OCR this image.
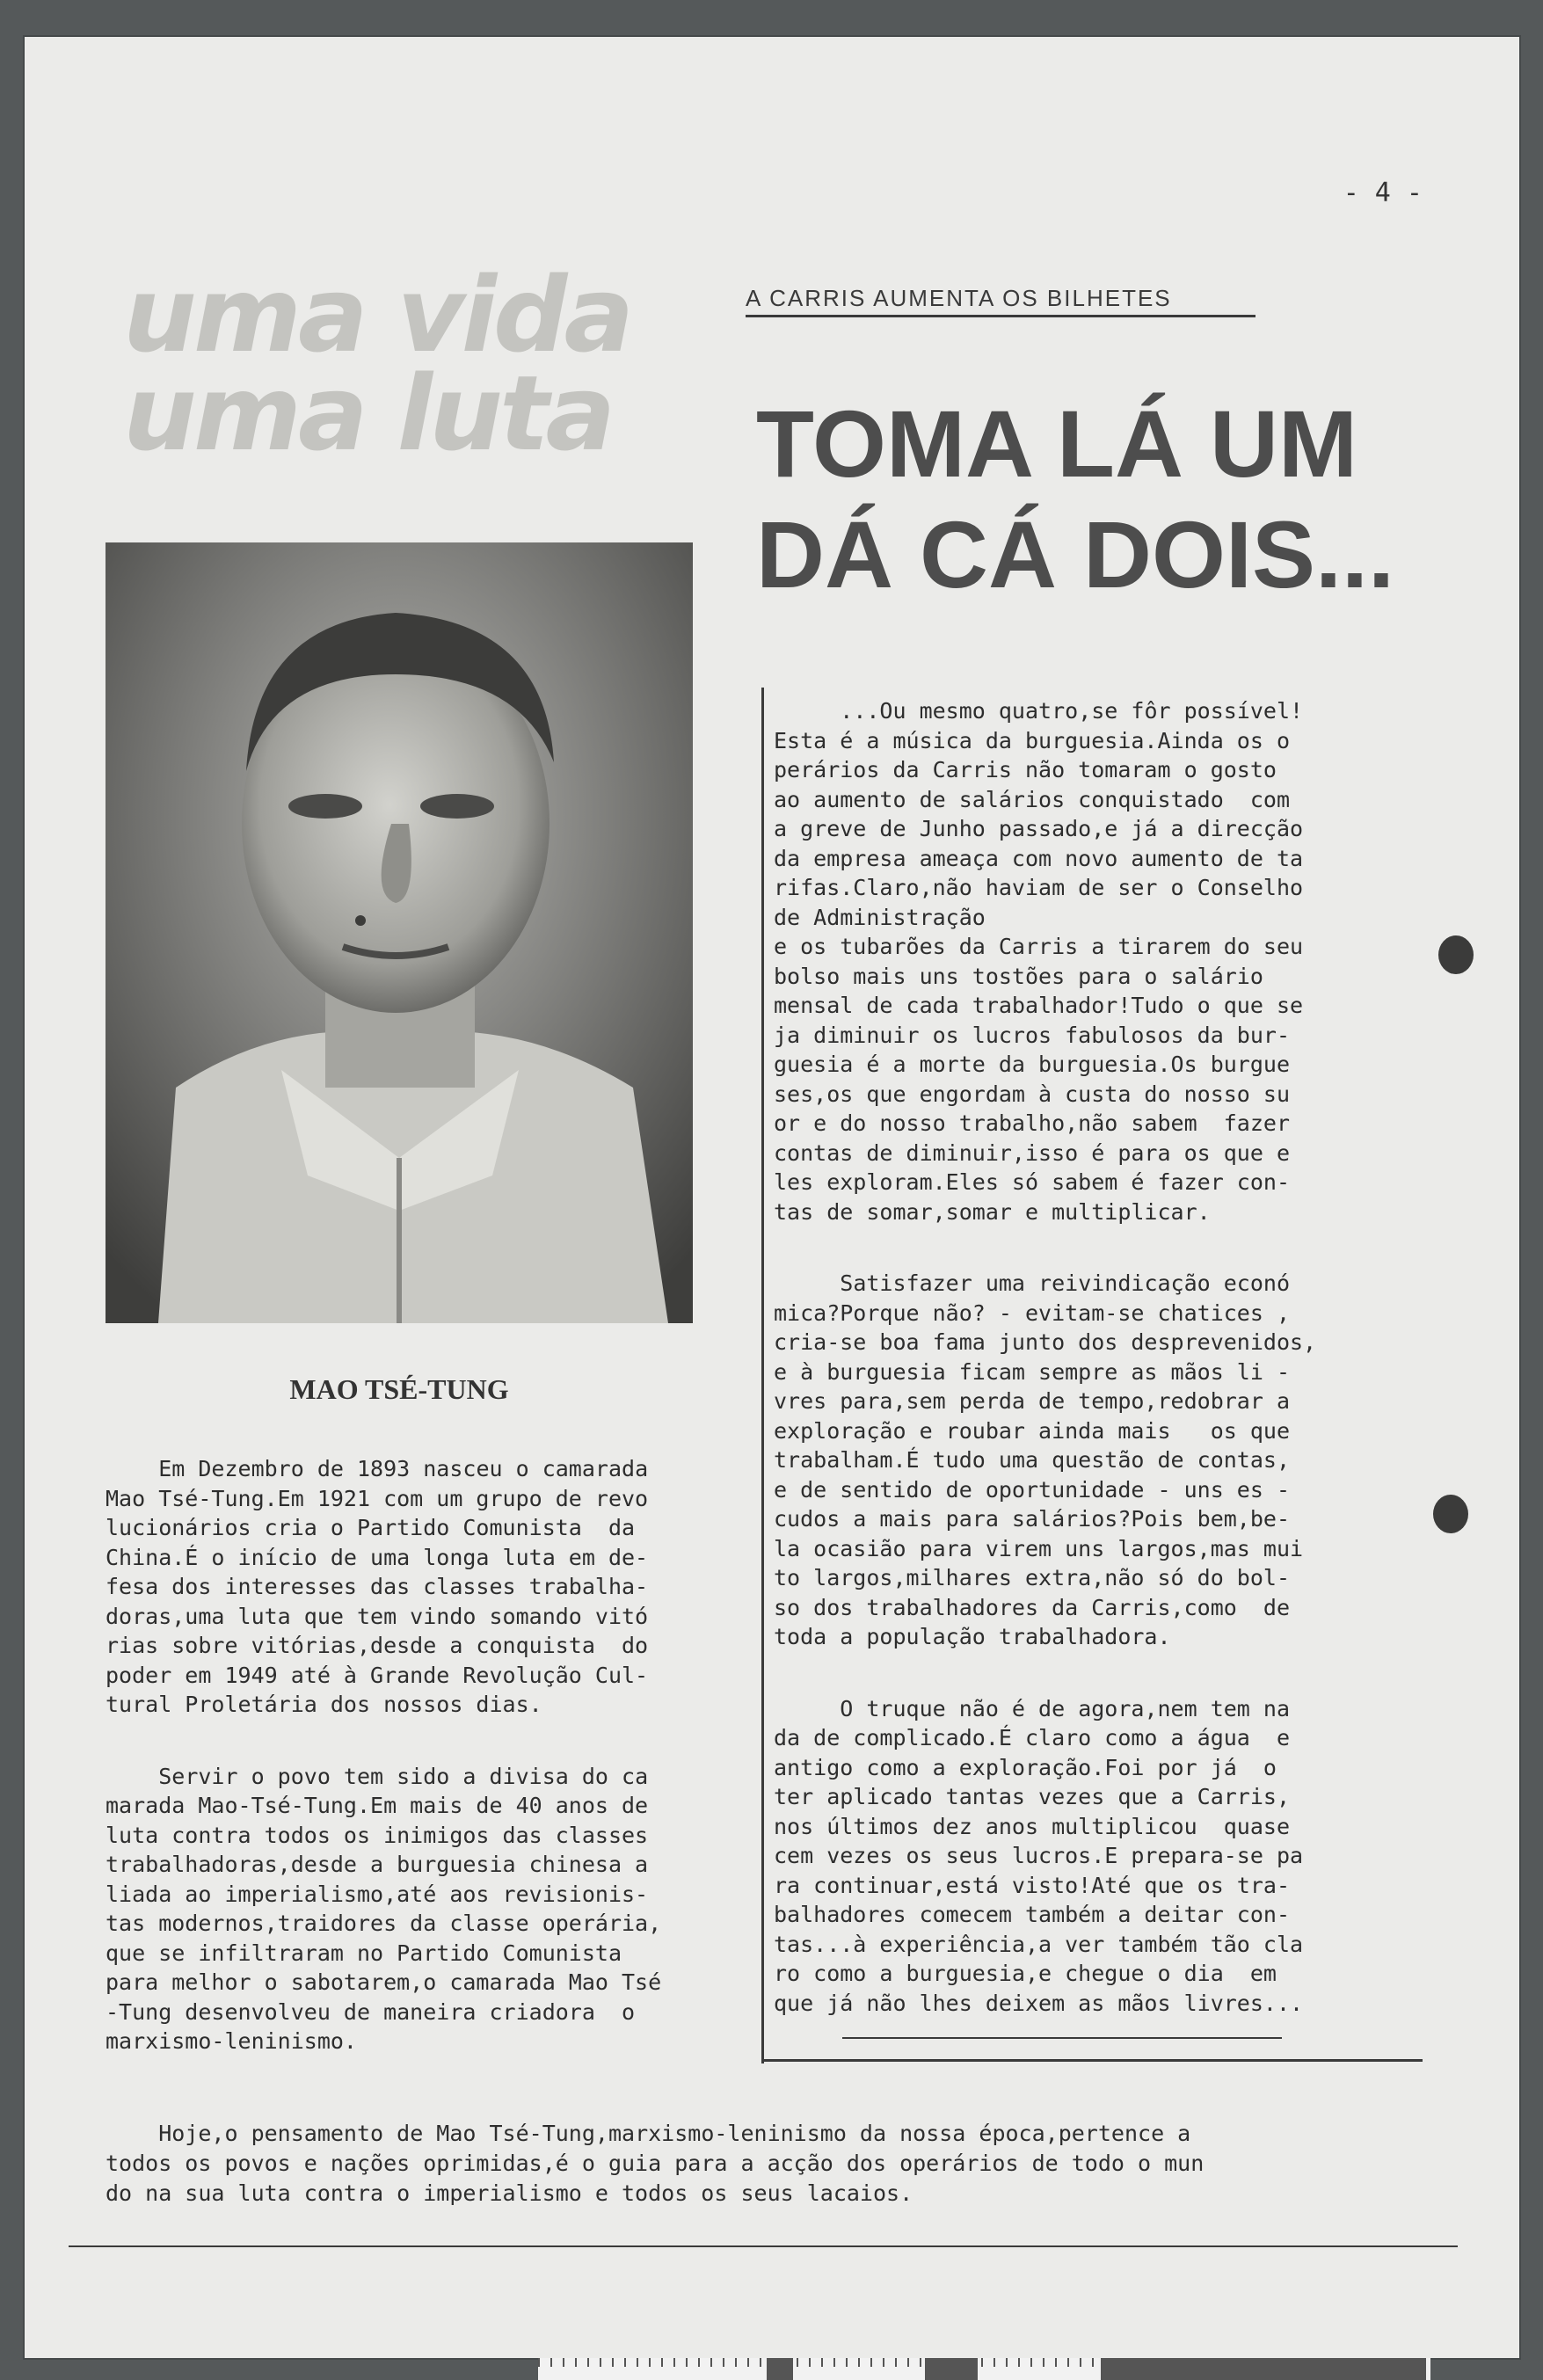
- 4 -
uma vida
uma luta
A CARRIS AUMENTA OS BILHETES
TOMA LÁ UM
DÁ CÁ DOIS...
MAO TSÉ-TUNG

Em Dezembro de 1893 nasceu o camarada
Mao Tsé-Tung.Em 1921 com um grupo de revo
lucionários cria o Partido Comunista  da
China.É o início de uma longa luta em de-
fesa dos interesses das classes trabalha-
doras,uma luta que tem vindo somando vitó
rias sobre vitórias,desde a conquista  do
poder em 1949 até à Grande Revolução Cul-
tural Proletária dos nossos dias.

Servir o povo tem sido a divisa do ca
marada Mao-Tsé-Tung.Em mais de 40 anos de
luta contra todos os inimigos das classes
trabalhadoras,desde a burguesia chinesa a
liada ao imperialismo,até aos revisionis-
tas modernos,traidores da classe operária,
que se infiltraram no Partido Comunista
para melhor o sabotarem,o camarada Mao Tsé
-Tung desenvolveu de maneira criadora  o
marxismo-leninismo.

...Ou mesmo quatro,se fôr possível!
Esta é a música da burguesia.Ainda os o
perários da Carris não tomaram o gosto
ao aumento de salários conquistado  com
a greve de Junho passado,e já a direcção
da empresa ameaça com novo aumento de ta
rifas.Claro,não haviam de ser o Conselho
de Administração
e os tubarões da Carris a tirarem do seu
bolso mais uns tostões para o salário
mensal de cada trabalhador!Tudo o que se
ja diminuir os lucros fabulosos da bur-
guesia é a morte da burguesia.Os burgue
ses,os que engordam à custa do nosso su
or e do nosso trabalho,não sabem  fazer
contas de diminuir,isso é para os que e
les exploram.Eles só sabem é fazer con-
tas de somar,somar e multiplicar.

Satisfazer uma reivindicação econó
mica?Porque não? - evitam-se chatices ,
cria-se boa fama junto dos desprevenidos,
e à burguesia ficam sempre as mãos li -
vres para,sem perda de tempo,redobrar a
exploração e roubar ainda mais   os que
trabalham.É tudo uma questão de contas,
e de sentido de oportunidade - uns es -
cudos a mais para salários?Pois bem,be-
la ocasião para virem uns largos,mas mui
to largos,milhares extra,não só do bol-
so dos trabalhadores da Carris,como  de
toda a população trabalhadora.

O truque não é de agora,nem tem na
da de complicado.É claro como a água  e
antigo como a exploração.Foi por já  o
ter aplicado tantas vezes que a Carris,
nos últimos dez anos multiplicou  quase
cem vezes os seus lucros.E prepara-se pa
ra continuar,está visto!Até que os tra-
balhadores comecem também a deitar con-
tas...à experiência,a ver também tão cla
ro como a burguesia,e chegue o dia  em
que já não lhes deixem as mãos livres...

Hoje,o pensamento de Mao Tsé-Tung,marxismo-leninismo da nossa época,pertence a
todos os povos e nações oprimidas,é o guia para a acção dos operários de todo o mun
do na sua luta contra o imperialismo e todos os seus lacaios.
